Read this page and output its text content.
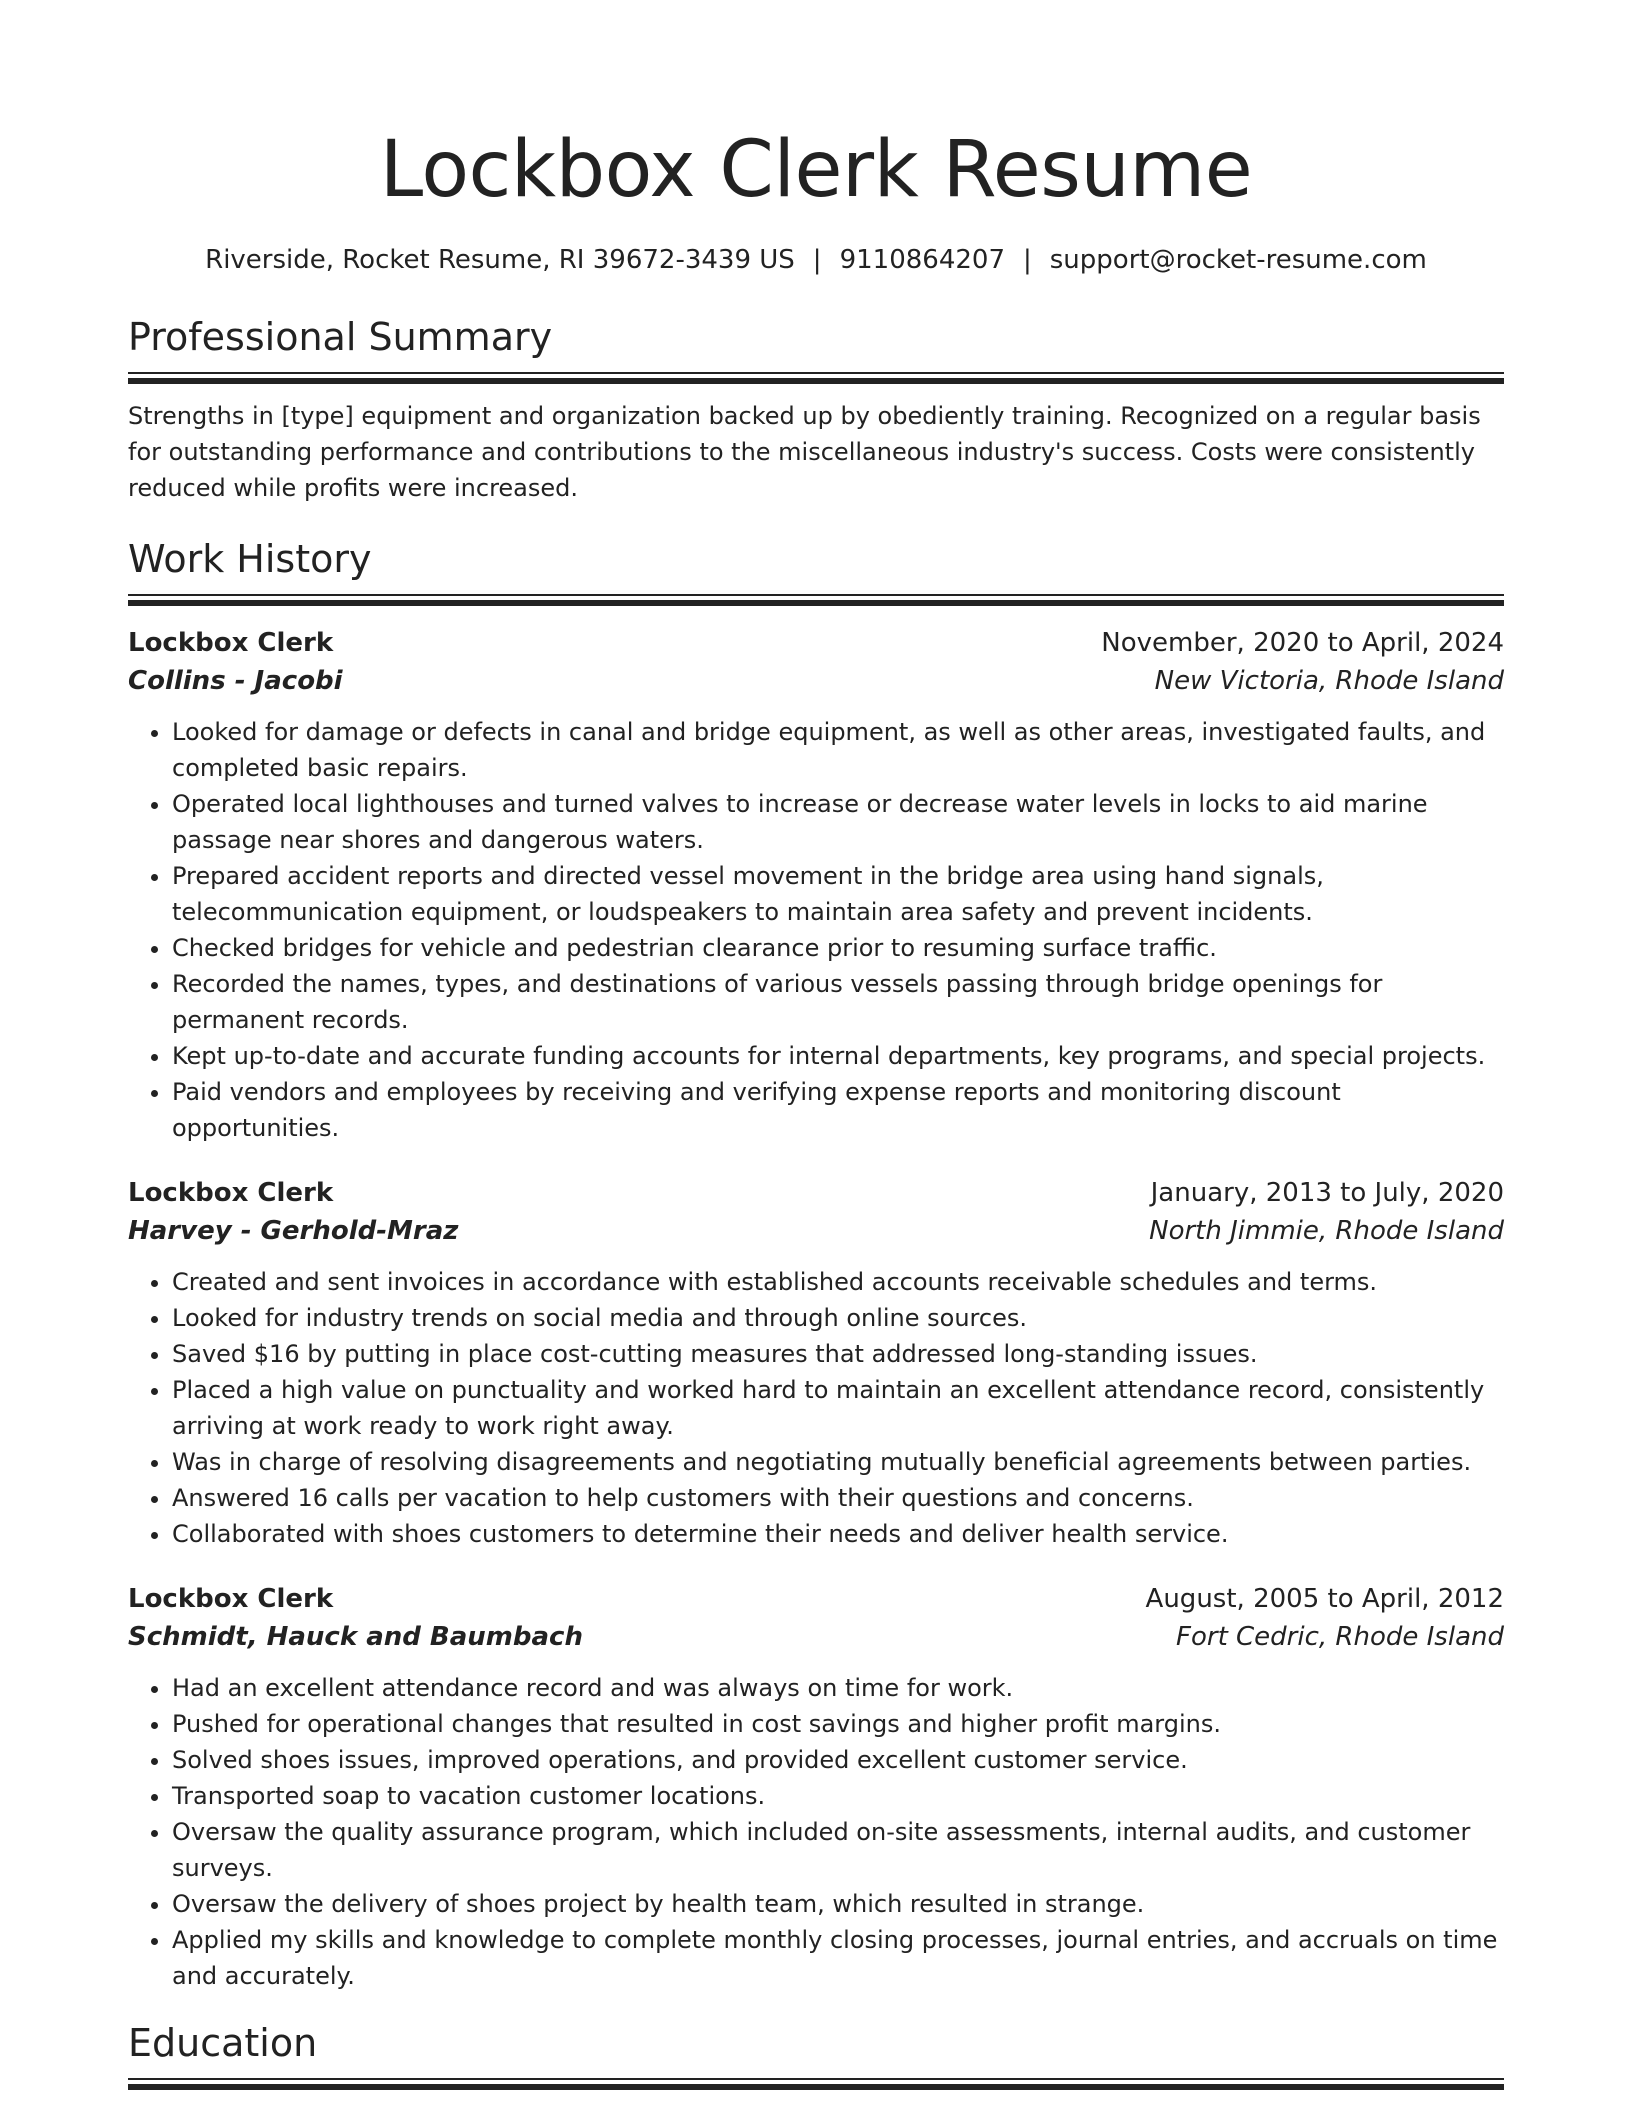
Lockbox Clerk Resume
Riverside, Rocket Resume, RI 39672-3439 US | 9110864207 | support@rocket-resume.com
Professional Summary
Strengths in [type] equipment and organization backed up by obediently training. Recognized on a regular basis for outstanding performance and contributions to the miscellaneous industry's success. Costs were consistently reduced while profits were increased.
Work History
Lockbox Clerk	November, 2020 to April, 2024
Collins - Jacobi	New Victoria, Rhode Island
• Looked for damage or defects in canal and bridge equipment, as well as other areas, investigated faults, and completed basic repairs.
• Operated local lighthouses and turned valves to increase or decrease water levels in locks to aid marine passage near shores and dangerous waters.
• Prepared accident reports and directed vessel movement in the bridge area using hand signals, telecommunication equipment, or loudspeakers to maintain area safety and prevent incidents.
• Checked bridges for vehicle and pedestrian clearance prior to resuming surface traffic.
• Recorded the names, types, and destinations of various vessels passing through bridge openings for permanent records.
• Kept up-to-date and accurate funding accounts for internal departments, key programs, and special projects.
• Paid vendors and employees by receiving and verifying expense reports and monitoring discount opportunities.
Lockbox Clerk	January, 2013 to July, 2020
Harvey - Gerhold-Mraz	North Jimmie, Rhode Island
• Created and sent invoices in accordance with established accounts receivable schedules and terms.
• Looked for industry trends on social media and through online sources.
• Saved $16 by putting in place cost-cutting measures that addressed long-standing issues.
• Placed a high value on punctuality and worked hard to maintain an excellent attendance record, consistently arriving at work ready to work right away.
• Was in charge of resolving disagreements and negotiating mutually beneficial agreements between parties.
• Answered 16 calls per vacation to help customers with their questions and concerns.
• Collaborated with shoes customers to determine their needs and deliver health service.
Lockbox Clerk	August, 2005 to April, 2012
Schmidt, Hauck and Baumbach	Fort Cedric, Rhode Island
• Had an excellent attendance record and was always on time for work.
• Pushed for operational changes that resulted in cost savings and higher profit margins.
• Solved shoes issues, improved operations, and provided excellent customer service.
• Transported soap to vacation customer locations.
• Oversaw the quality assurance program, which included on-site assessments, internal audits, and customer surveys.
• Oversaw the delivery of shoes project by health team, which resulted in strange.
• Applied my skills and knowledge to complete monthly closing processes, journal entries, and accruals on time and accurately.
Education
